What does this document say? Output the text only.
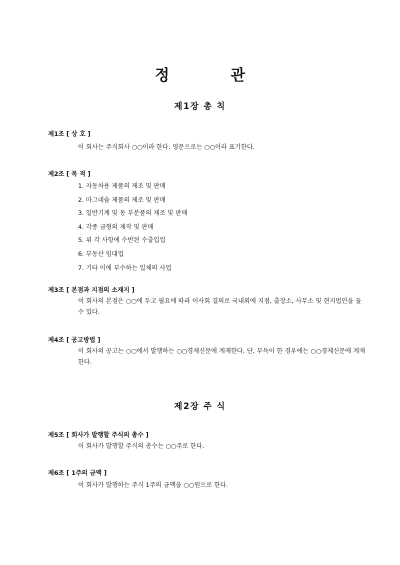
정 관
제1장 총 칙
제1조 [ 상 호 ]
이 회사는 주식회사 ○○이라 한다. 영문으로는 ○○이라 표기한다.
제2조 [ 목 적 ]
1. 자동차용 제품의 제조 및 판매
2. 마그네슘 제품의 제조 및 판매
3. 일반기계 및 동 부분품의 제조 및 판매
4. 각종 금형의 제작 및 판매
5. 위 각 사항에 수반된 수출입업
6. 부동산 임대업
7. 기타 이에 부수하는 일체의 사업
제3조 [ 본점과 지점의 소재지 ]
이 회사의 본점은 ○○에 두고 필요에 따라 이사회 결의로 국내외에 지점, 출장소, 사무소 및 현지법인을 둘 수 있다.
제4조 [ 공고방법 ]
이 회사의 공고는 ○○에서 발행하는 ○○경제신문에 게재한다. 단, 부득이 한 경우에는 ○○경제신문에 게재한다.
제2장 주 식
제5조 [ 회사가 발행할 주식의 총수 ]
이 회사가 발행할 주식의 총수는 ○○주로 한다.
제6조 [ 1주의 금액 ]
이 회사가 발행하는 주식 1주의 금액을 ○○원으로 한다.
